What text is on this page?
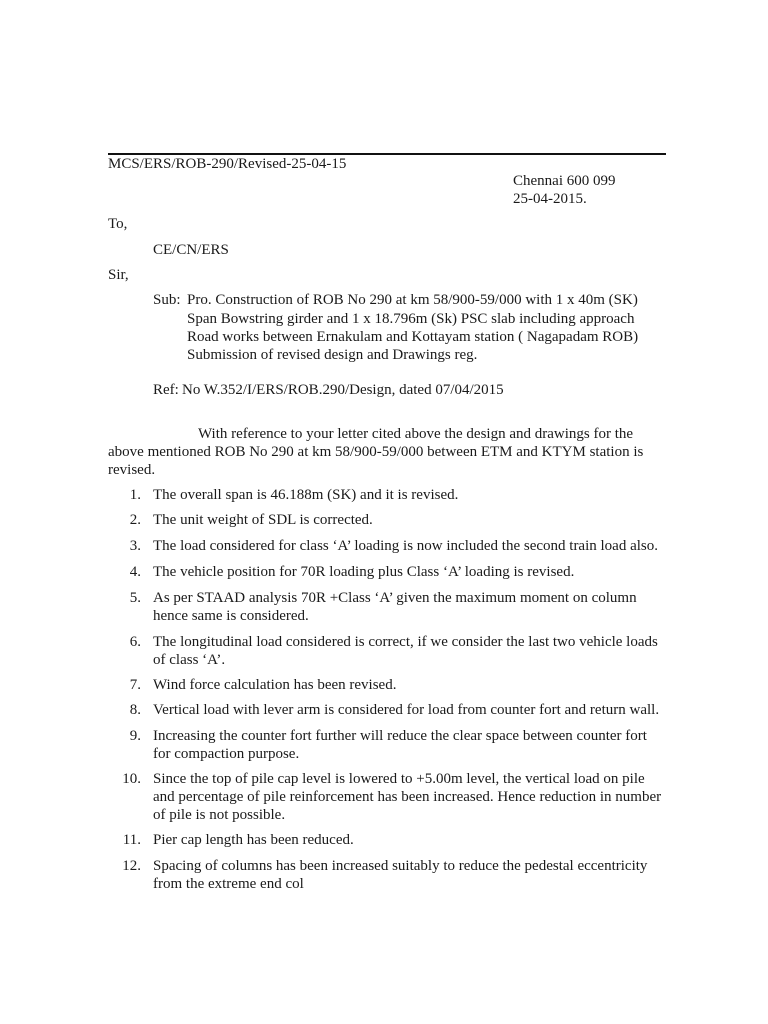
MCS/ERS/ROB-290/Revised-25-04-15
Chennai 600 099
25-04-2015.
To,
CE/CN/ERS
Sir,
Sub: Pro. Construction of ROB No 290 at km 58/900-59/000 with 1 x 40m (SK)
Span Bowstring girder and 1 x 18.796m (Sk) PSC slab including approach
Road works between Ernakulam and Kottayam station ( Nagapadam ROB)
Submission of revised design and Drawings reg.
Ref: No W.352/I/ERS/ROB.290/Design, dated 07/04/2015
With reference to your letter cited above the design and drawings for the
above mentioned ROB No 290 at km 58/900-59/000 between ETM and KTYM station is
revised.
1. The overall span is 46.188m (SK) and it is revised.
2. The unit weight of SDL is corrected.
3. The load considered for class ‘A’ loading is now included the second train load also.
4. The vehicle position for 70R loading plus Class ‘A’ loading is revised.
5. As per STAAD analysis 70R +Class ‘A’ given the maximum moment on column
hence same is considered.
6. The longitudinal load considered is correct, if we consider the last two vehicle loads
of class ‘A’.
7. Wind force calculation has been revised.
8. Vertical load with lever arm is considered for load from counter fort and return wall.
9. Increasing the counter fort further will reduce the clear space between counter fort
for compaction purpose.
10. Since the top of pile cap level is lowered to +5.00m level, the vertical load on pile
and percentage of pile reinforcement has been increased. Hence reduction in number
of pile is not possible.
11. Pier cap length has been reduced.
12. Spacing of columns has been increased suitably to reduce the pedestal eccentricity
from the extreme end col
